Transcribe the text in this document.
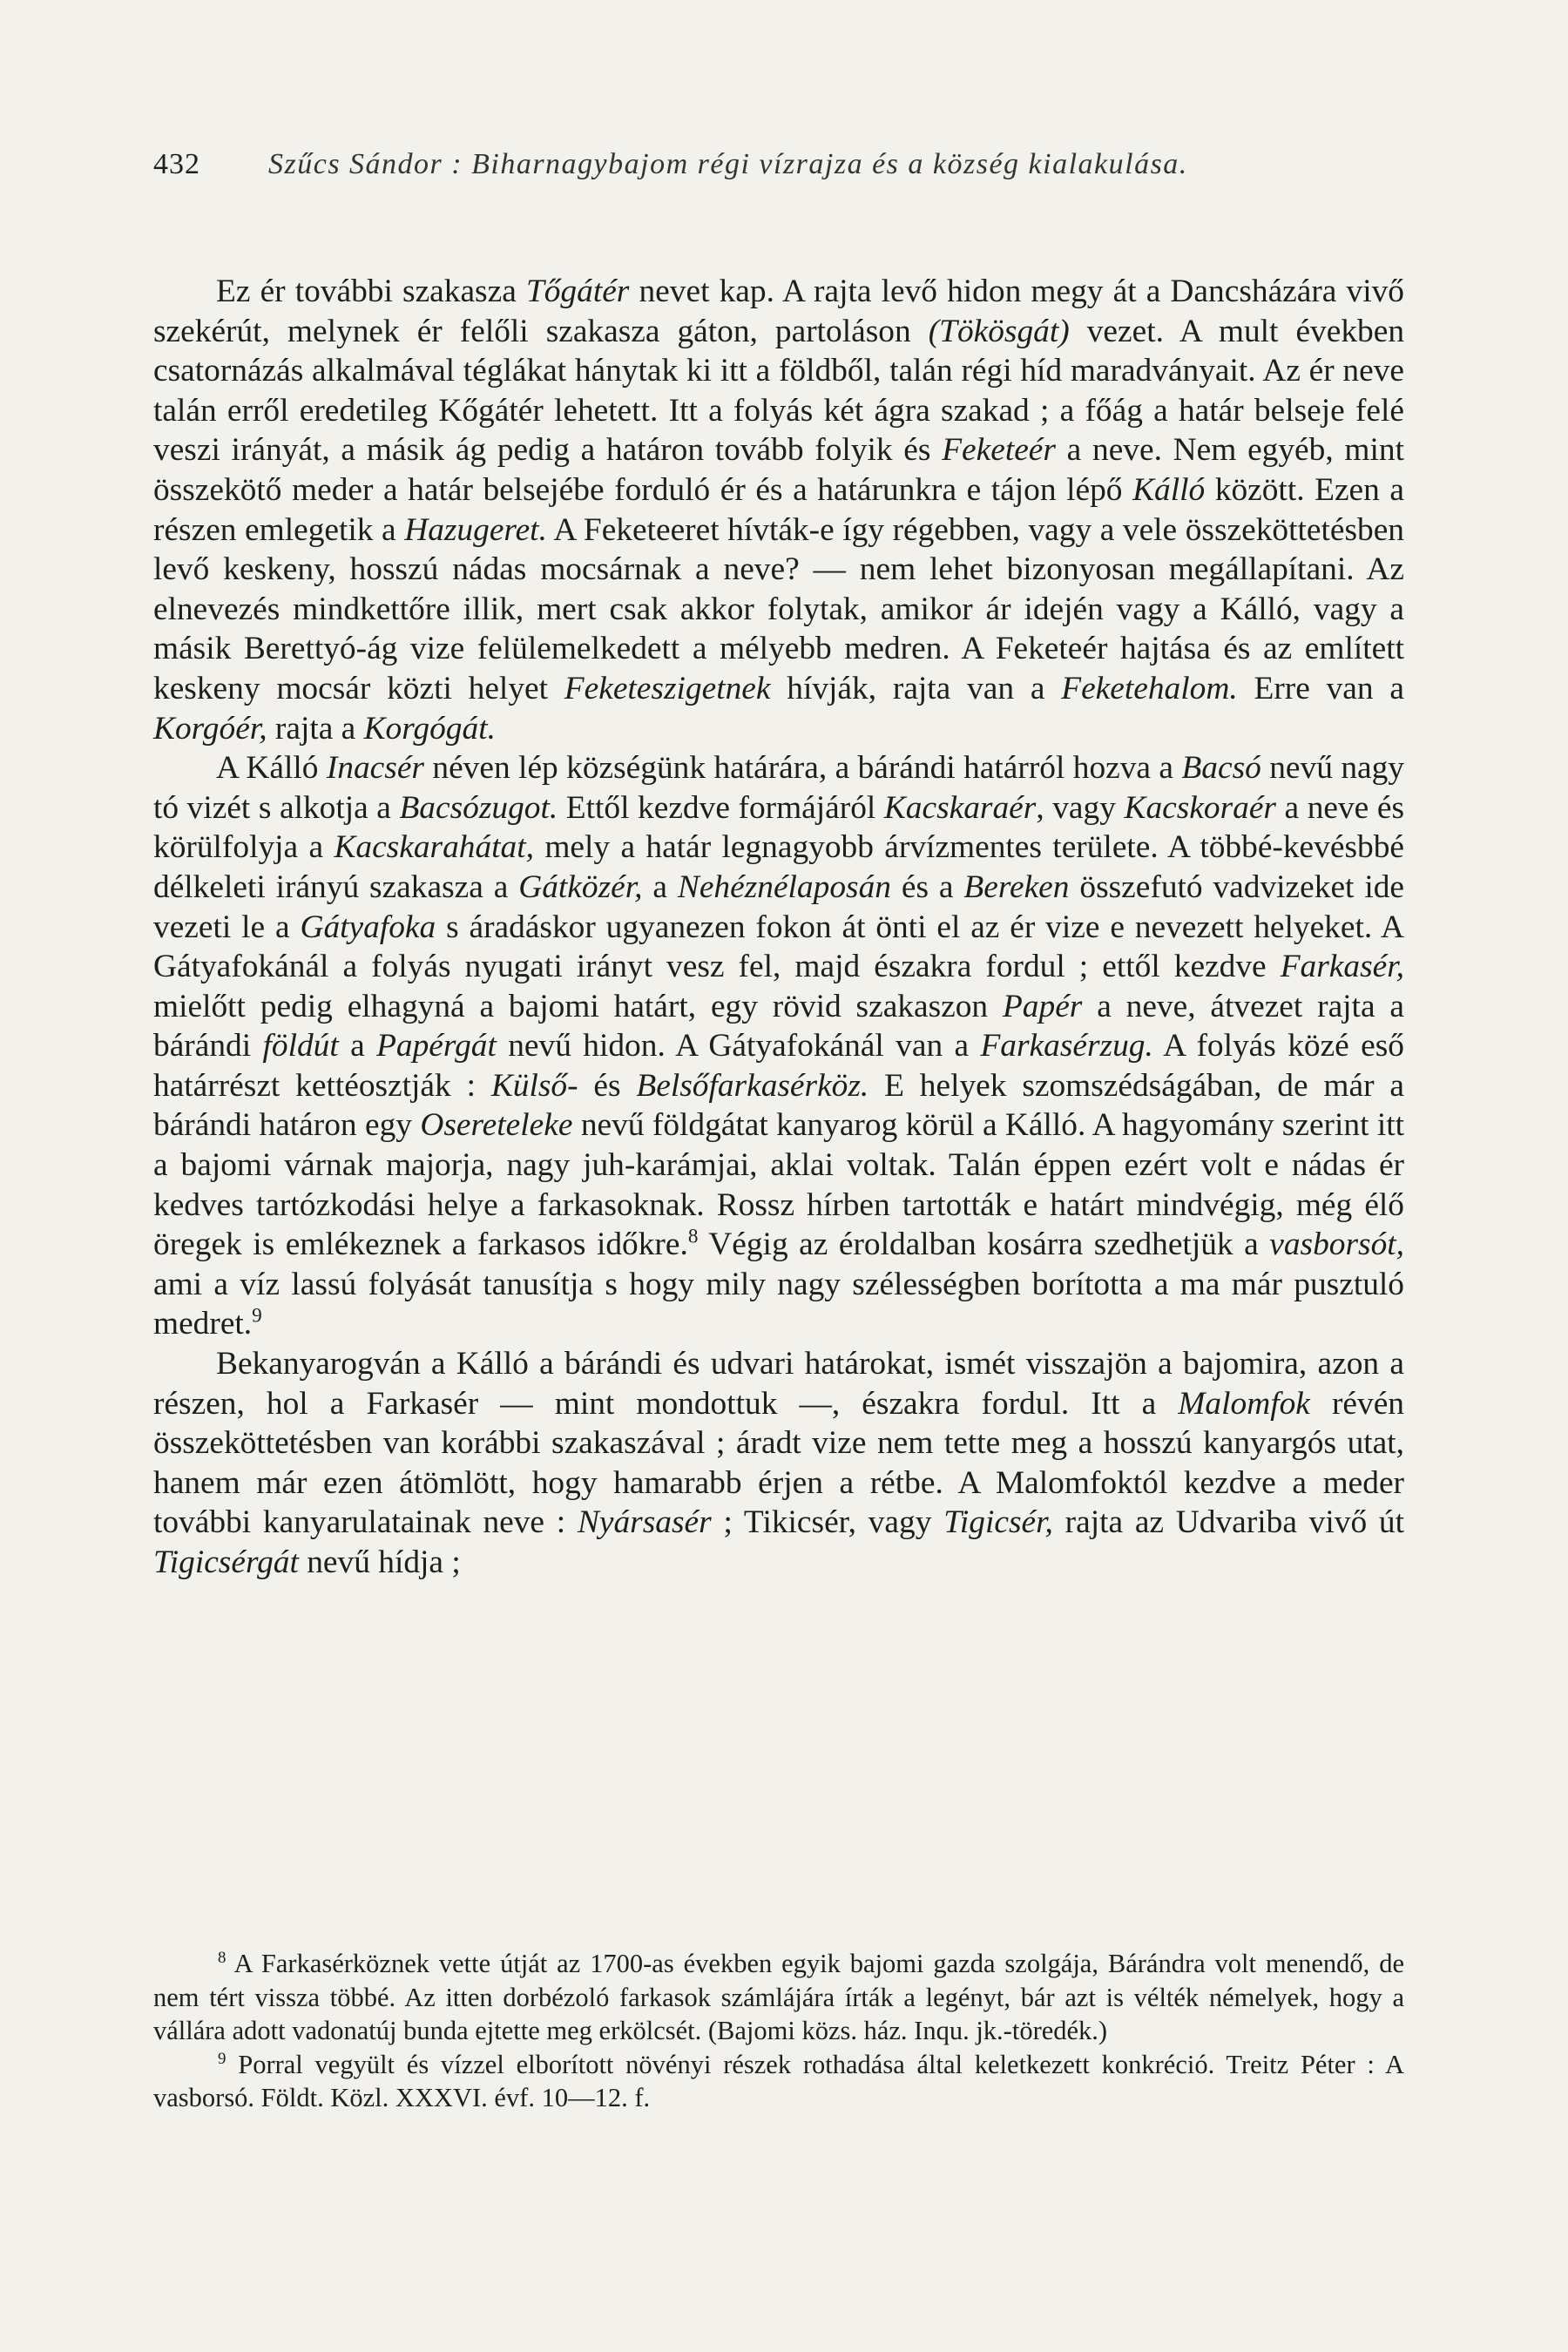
432 Szűcs Sándor : Biharnagybajom régi vízrajza és a község kialakulása.

Ez ér további szakasza Tőgátér nevet kap. A rajta levő hidon megy át a Dancsházára vivő szekérút, melynek ér felőli szakasza gáton, partoláson (Tökösgát) vezet. A mult években csatornázás alkalmával téglákat hánytak ki itt a földből, talán régi híd maradványait. Az ér neve talán erről eredetileg Kőgátér lehetett. Itt a folyás két ágra szakad ; a főág a határ belseje felé veszi irányát, a másik ág pedig a határon tovább folyik és Feketeér a neve. Nem egyéb, mint összekötő meder a határ belsejébe forduló ér és a határunkra e tájon lépő Kálló között. Ezen a részen emlegetik a Hazugeret. A Feketeeret hívták-e így régebben, vagy a vele összeköttetésben levő keskeny, hosszú nádas mocsárnak a neve? — nem lehet bizonyosan megállapítani. Az elnevezés mindkettőre illik, mert csak akkor folytak, amikor ár idején vagy a Kálló, vagy a másik Berettyó-ág vize felülemelkedett a mélyebb medren. A Feketeér hajtása és az említett keskeny mocsár közti helyet Feketeszigetnek hívják, rajta van a Feketehalom. Erre van a Korgóér, rajta a Korgógát.

A Kálló Inacsér néven lép községünk határára, a bárándi határról hozva a Bacsó nevű nagy tó vizét s alkotja a Bacsózugot. Ettől kezdve formájáról Kacskaraér, vagy Kacskoraér a neve és körülfolyja a Kacskarahátat, mely a határ legnagyobb árvízmentes területe. A többé-kevésbbé délkeleti irányú szakasza a Gátközér, a Nehéznélaposán és a Bereken összefutó vadvizeket ide vezeti le a Gátyafoka s áradáskor ugyanezen fokon át önti el az ér vize e nevezett helyeket. A Gátyafokánál a folyás nyugati irányt vesz fel, majd északra fordul ; ettől kezdve Farkasér, mielőtt pedig elhagyná a bajomi határt, egy rövid szakaszon Papér a neve, átvezet rajta a bárándi földút a Papérgát nevű hidon. A Gátyafokánál van a Farkasérzug. A folyás közé eső határrészt kettéosztják : Külső- és Belsőfarkasérköz. E helyek szomszédságában, de már a bárándi határon egy Osereteleke nevű földgátat kanyarog körül a Kálló. A hagyomány szerint itt a bajomi várnak majorja, nagy juh-karámjai, aklai voltak. Talán éppen ezért volt e nádas ér kedves tartózkodási helye a farkasoknak. Rossz hírben tartották e határt mindvégig, még élő öregek is emlékeznek a farkasos időkre.$^8$ Végig az éroldalban kosárra szedhetjük a vasborsót, ami a víz lassú folyását tanusítja s hogy mily nagy szélességben borította a ma már pusztuló medret.$^9$

Bekanyarogván a Kálló a bárándi és udvari határokat, ismét visszajön a bajomira, azon a részen, hol a Farkasér — mint mondottuk —, északra fordul. Itt a Malomfok révén összeköttetésben van korábbi szakaszával ; áradt vize nem tette meg a hosszú kanyargós utat, hanem már ezen átömlött, hogy hamarabb érjen a rétbe. A Malomfoktól kezdve a meder további kanyarulatainak neve : Nyársasér ; Tikicsér, vagy Tigicsér, rajta az Udvariba vivő út Tigicsérgát nevű hídja ;

$^8$ A Farkasérköznek vette útját az 1700-as években egyik bajomi gazda szolgája, Bárándra volt menendő, de nem tért vissza többé. Az itten dorbézoló farkasok számlájára írták a legényt, bár azt is vélték némelyek, hogy a vállára adott vadonatúj bunda ejtette meg erkölcsét. (Bajomi közs. ház. Inqu. jk.-töredék.)

$^9$ Porral vegyült és vízzel elborított növényi részek rothadása által keletkezett konkréció. Treitz Péter : A vasborsó. Földt. Közl. XXXVI. évf. 10—12. f.
